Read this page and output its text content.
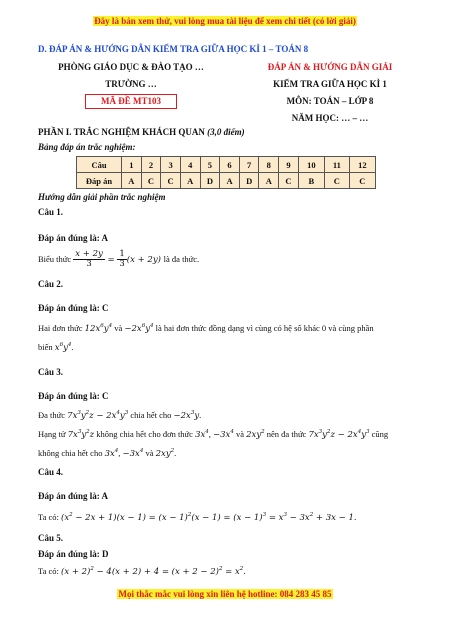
Đây là bản xem thử, vui lòng mua tài liệu để xem chi tiết (có lời giải)
D. ĐÁP ÁN & HƯỚNG DẪN KIỂM TRA GIỮA HỌC KÌ 1 – TOÁN 8
PHÒNG GIÁO DỤC & ĐÀO TẠO …
TRƯỜNG …
MÃ ĐỀ MT103
ĐÁP ÁN & HƯỚNG DẪN GIẢI
KIỂM TRA GIỮA HỌC KÌ 1
MÔN: TOÁN – LỚP 8
NĂM HỌC: … – …
PHẦN I. TRẮC NGHIỆM KHÁCH QUAN (3,0 điểm)
Bảng đáp án trắc nghiệm:
Câu	1	2	3	4	5	6	7	8	9	10	11	12
Đáp án	A	C	C	A	D	A	D	A	C	B	C	C
Hướng dẫn giải phần trắc nghiệm
Câu 1.
Đáp án đúng là: A
Biểu thức $\frac{x + 2y}{3} = \frac{1}{3} (x + 2y)$ là đa thức.
Câu 2.
Đáp án đúng là: C
Hai đơn thức $12x^6y^4$ và $-2x^6y^4$ là hai đơn thức đồng dạng vì cùng có hệ số khác 0 và cùng phần
biến $x^6y^4$.
Câu 3.
Đáp án đúng là: C
Đa thức $7x^3y^2z - 2x^4y^3$ chia hết cho $-2x^3y$.
Hạng tử $7x^3y^2z$ không chia hết cho đơn thức $3x^4$, $-3x^4$ và $2xy^2$ nên đa thức $7x^3y^2z - 2x^4y^3$ cũng
không chia hết cho $3x^4$, $-3x^4$ và $2xy^2$.
Câu 4.
Đáp án đúng là: A
Ta có: $(x^2 - 2x + 1)(x - 1) = (x - 1)^2(x - 1) = (x - 1)^3 = x^3 - 3x^2 + 3x - 1$.
Câu 5.
Đáp án đúng là: D
Ta có: $(x + 2)^2 - 4(x + 2) + 4 = (x + 2 - 2)^2 = x^2$.
Mọi thắc mắc vui lòng xin liên hệ hotline: 084 283 45 85
